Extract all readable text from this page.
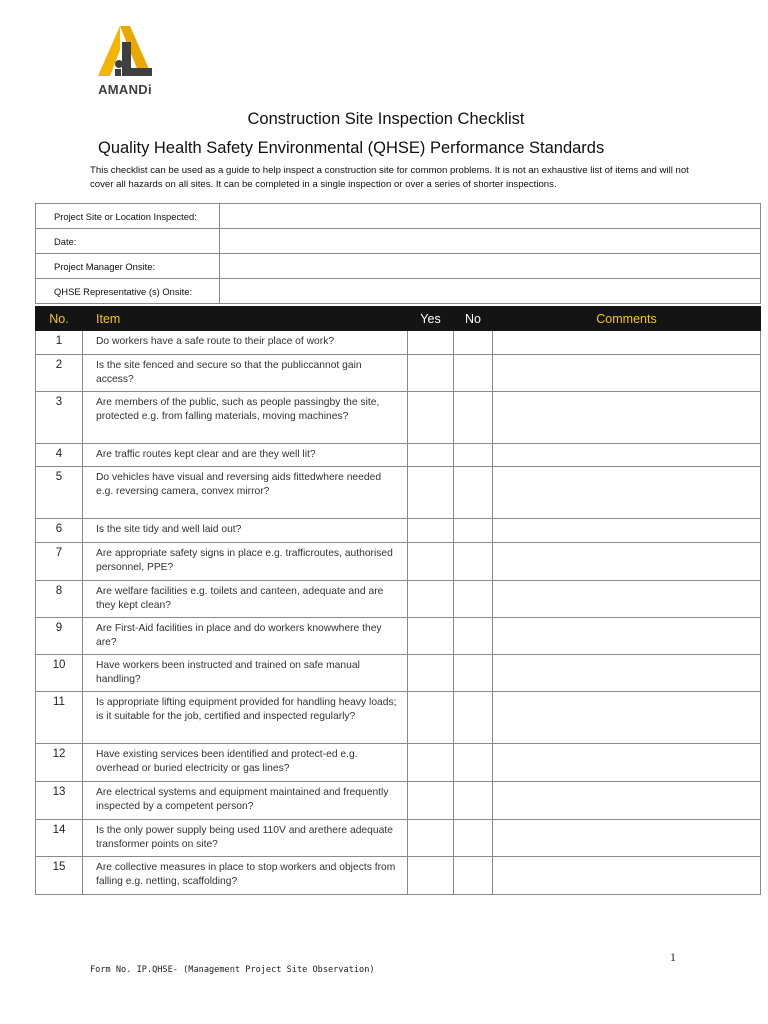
AMANDi
Construction Site Inspection Checklist
Quality Health Safety Environmental (QHSE) Performance Standards
This checklist can be used as a guide to help inspect a construction site for common problems. It is not an exhaustive list of items and will not cover all hazards on all sites. It can be completed in a single inspection or over a series of shorter inspections.
Project Site or Location Inspected:	
Date:	
Project Manager Onsite:	
QHSE Representative (s) Onsite:	
No.	Item	Yes	No	Comments
1	Do workers have a safe route to their place of work?			
2	Is the site fenced and secure so that the publiccannot gain access?			
3	Are members of the public, such as people passingby the site, protected e.g. from falling materials, moving machines?			
4	Are traffic routes kept clear and are they well lit?			
5	Do vehicles have visual and reversing aids fittedwhere needed e.g. reversing camera, convex mirror?			
6	Is the site tidy and well laid out?			
7	Are appropriate safety signs in place e.g. trafficroutes, authorised personnel, PPE?			
8	Are welfare facilities e.g. toilets and canteen, adequate and are they kept clean?			
9	Are First-Aid facilities in place and do workers knowwhere they are?			
10	Have workers been instructed and trained on safe manual handling?			
11	Is appropriate lifting equipment provided for handling heavy loads; is it suitable for the job, certified and inspected regularly?			
12	Have existing services been identified and protect-ed e.g. overhead or buried electricity or gas lines?			
13	Are electrical systems and equipment maintained and frequently inspected by a competent person?			
14	Is the only power supply being used 110V and arethere adequate transformer points on site?			
15	Are collective measures in place to stop workers and objects from falling e.g. netting, scaffolding?			
1
Form No. IP.QHSE- (Management Project Site Observation)
